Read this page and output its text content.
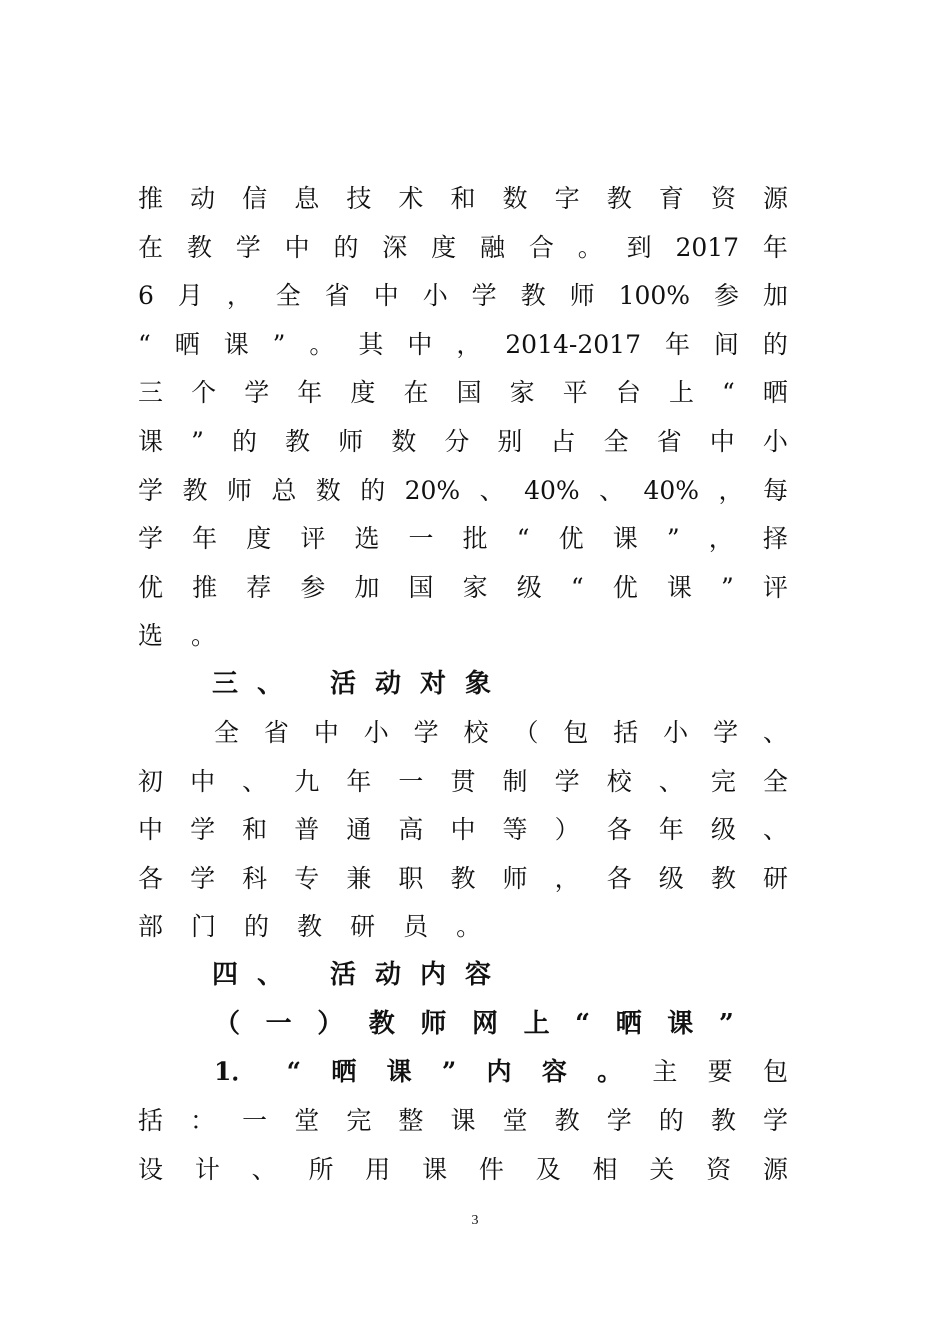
推 动 信 息 技 术 和 数 字 教 育 资 源
在 教 学 中 的 深 度 融 合 。 到 2017 年
6 月 ， 全 省 中 小 学 教 师 100% 参 加
“ 晒 课 ” 。 其 中 ， 2014-2017 年 间 的
三 个 学 年 度 在 国 家 平 台 上 “ 晒
课 ” 的 教 师 数 分 别 占 全 省 中 小
学 教 师 总 数 的 20% 、 40% 、 40% ， 每
学 年 度 评 选 一 批 “ 优 课 ” ， 择
优 推 荐 参 加 国 家 级 “ 优 课 ” 评
选 。
三、 活动对象
全 省 中 小 学 校 （ 包 括 小 学 、
初 中 、 九 年 一 贯 制 学 校 、 完 全
中 学 和 普 通 高 中 等 ） 各 年 级 、
各 学 科 专 兼 职 教 师 ， 各 级 教 研
部 门 的 教 研 员 。
四、 活动内容
（ 一 ） 教 师 网 上 “ 晒 课 ”
1． “ 晒 课 ” 内 容 。 主 要 包
括 ： 一 堂 完 整 课 堂 教 学 的 教 学
设 计 、 所 用 课 件 及 相 关 资 源
3
